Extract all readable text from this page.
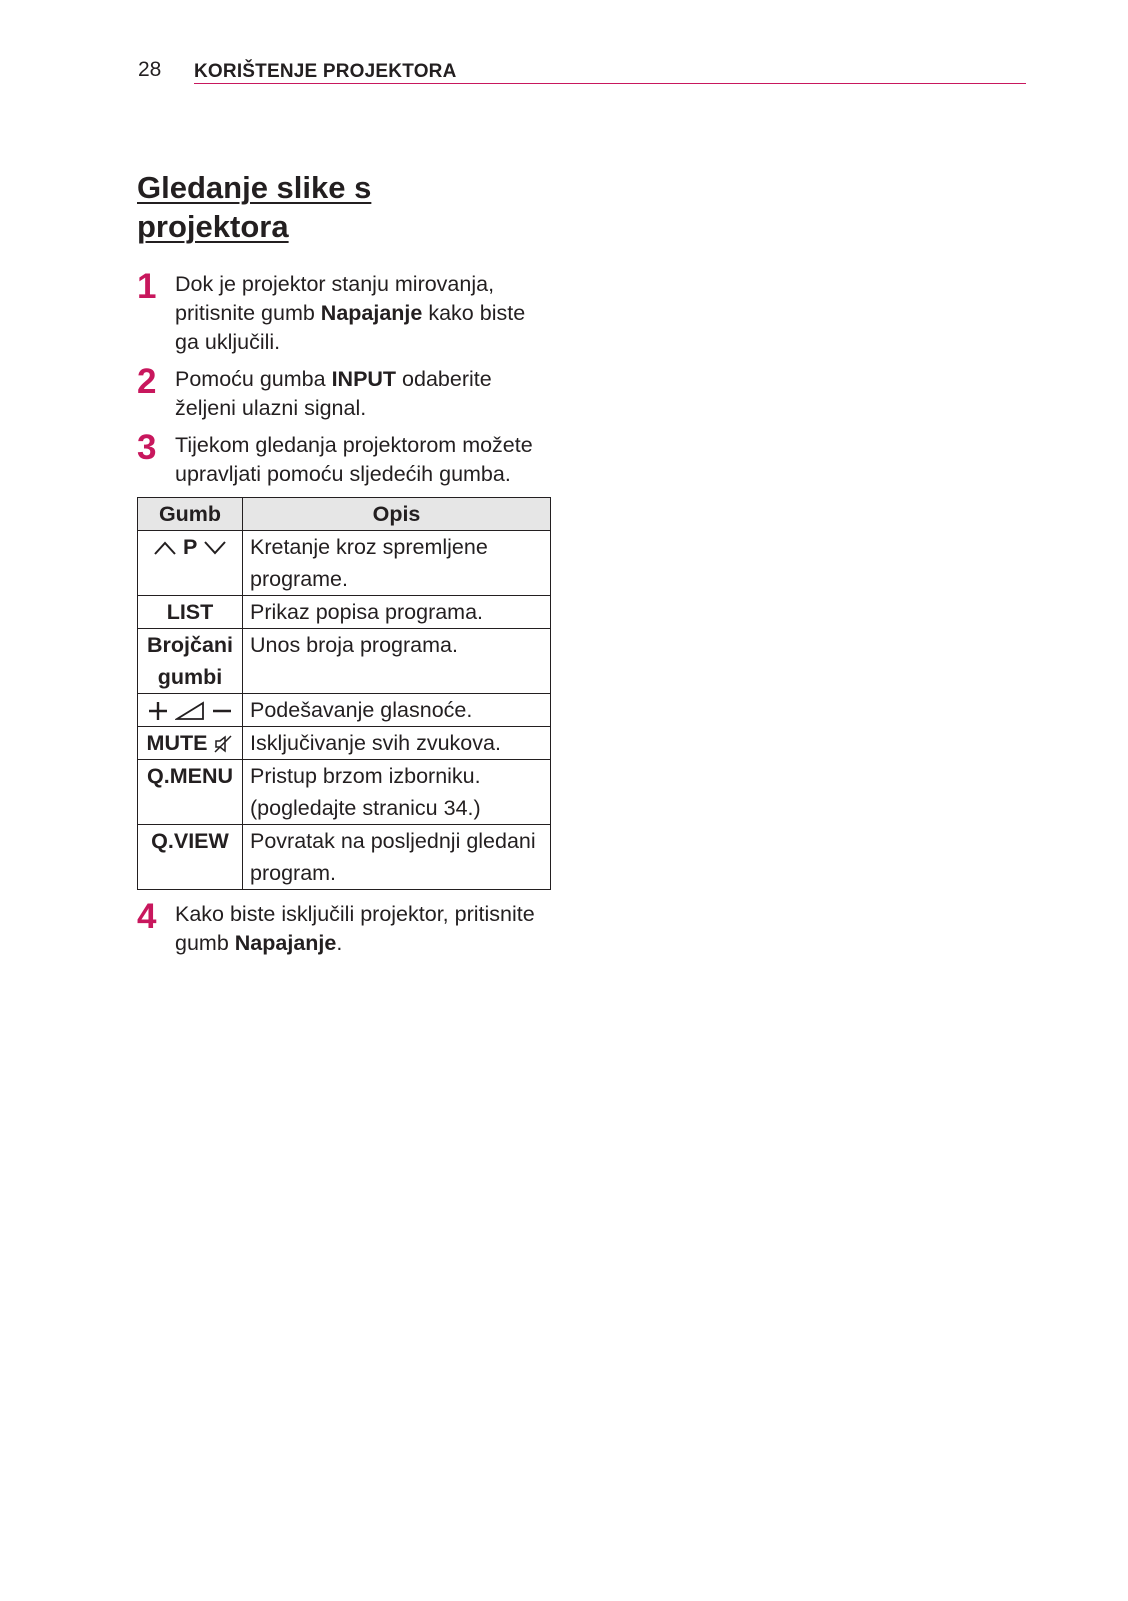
28 KORIŠTENJE PROJEKTORA
Gledanje slike s
projektora
1 Dok je projektor stanju mirovanja, pritisnite gumb Napajanje kako biste ga uključili.
2 Pomoću gumba INPUT odaberite željeni ulazni signal.
3 Tijekom gledanja projektorom možete upravljati pomoću sljedećih gumba.
Gumb	Opis
P	Kretanje kroz spremljene programe.
LIST	Prikaz popisa programa.
Brojčani gumbi	Unos broja programa.
	Podešavanje glasnoće.
MUTE	Isključivanje svih zvukova.
Q.MENU	Pristup brzom izborniku. (pogledajte stranicu 34.)
Q.VIEW	Povratak na posljednji gledani program.
4 Kako biste isključili projektor, pritisnite gumb Napajanje.
